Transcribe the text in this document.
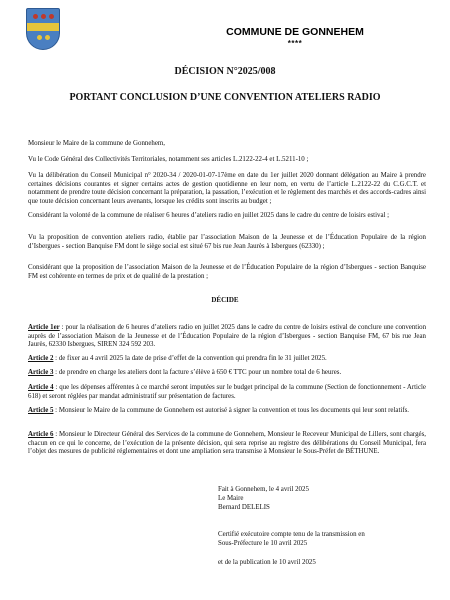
COMMUNE DE GONNEHEM
****
DÉCISION N°2025/008
PORTANT CONCLUSION D’UNE CONVENTION ATELIERS RADIO

Monsieur le Maire de la commune de Gonnehem,

Vu le Code Général des Collectivités Territoriales, notamment ses articles L.2122-22-4 et L.5211-10 ;

Vu la délibération du Conseil Municipal n° 2020-34 / 2020-01-07-17ème en date du 1er juillet 2020 donnant délégation au Maire à prendre certaines décisions courantes et signer certains actes de gestion quotidienne en leur nom, en vertu de l’article L.2122-22 du C.G.C.T. et notamment de prendre toute décision concernant la préparation, la passation, l’exécution et le règlement des marchés et des accords-cadres ainsi que toute décision concernant leurs avenants, lorsque les crédits sont inscrits au budget ;

Considérant la volonté de la commune de réaliser 6 heures d’ateliers radio en juillet 2025 dans le cadre du centre de loisirs estival ;

Vu la proposition de convention ateliers radio, établie par l’association Maison de la Jeunesse et de l’Éducation Populaire de la région d’Isbergues - section Banquise FM dont le siège social est situé 67 bis rue Jean Jaurès à Isbergues (62330) ;

Considérant que la proposition de l’association Maison de la Jeunesse et de l’Éducation Populaire de la région d’Isbergues - section Banquise FM est cohérente en termes de prix et de qualité de la prestation ;

DÉCIDE

Article 1er : pour la réalisation de 6 heures d’ateliers radio en juillet 2025 dans le cadre du centre de loisirs estival de conclure une convention auprès de l’association Maison de la Jeunesse et de l’Éducation Populaire de la région d’Isbergues - section Banquise FM, 67 bis rue Jean Jaurès, 62330 Isbergues, SIREN 324 592 203.

Article 2 : de fixer au 4 avril 2025 la date de prise d’effet de la convention qui prendra fin le 31 juillet 2025.

Article 3 : de prendre en charge les ateliers dont la facture s’élève à 650 € TTC pour un nombre total de 6 heures.

Article 4 : que les dépenses afférentes à ce marché seront imputées sur le budget principal de la commune (Section de fonctionnement - Article 618) et seront réglées par mandat administratif sur présentation de factures.

Article 5 : Monsieur le Maire de la commune de Gonnehem est autorisé à signer la convention et tous les documents qui leur sont relatifs.

Article 6 : Monsieur le Directeur Général des Services de la commune de Gonnehem, Monsieur le Receveur Municipal de Lillers, sont chargés, chacun en ce qui le concerne, de l’exécution de la présente décision, qui sera reprise au registre des délibérations du Conseil Municipal, fera l’objet des mesures de publicité réglementaires et dont une ampliation sera transmise à Monsieur le Sous-Préfet de BÉTHUNE.

Fait à Gonnehem, le 4 avril 2025
Le Maire
Bernard DELELIS
Certifié exécutoire compte tenu de la transmission en
Sous-Préfecture le 10 avril 2025
et de la publication le 10 avril 2025
